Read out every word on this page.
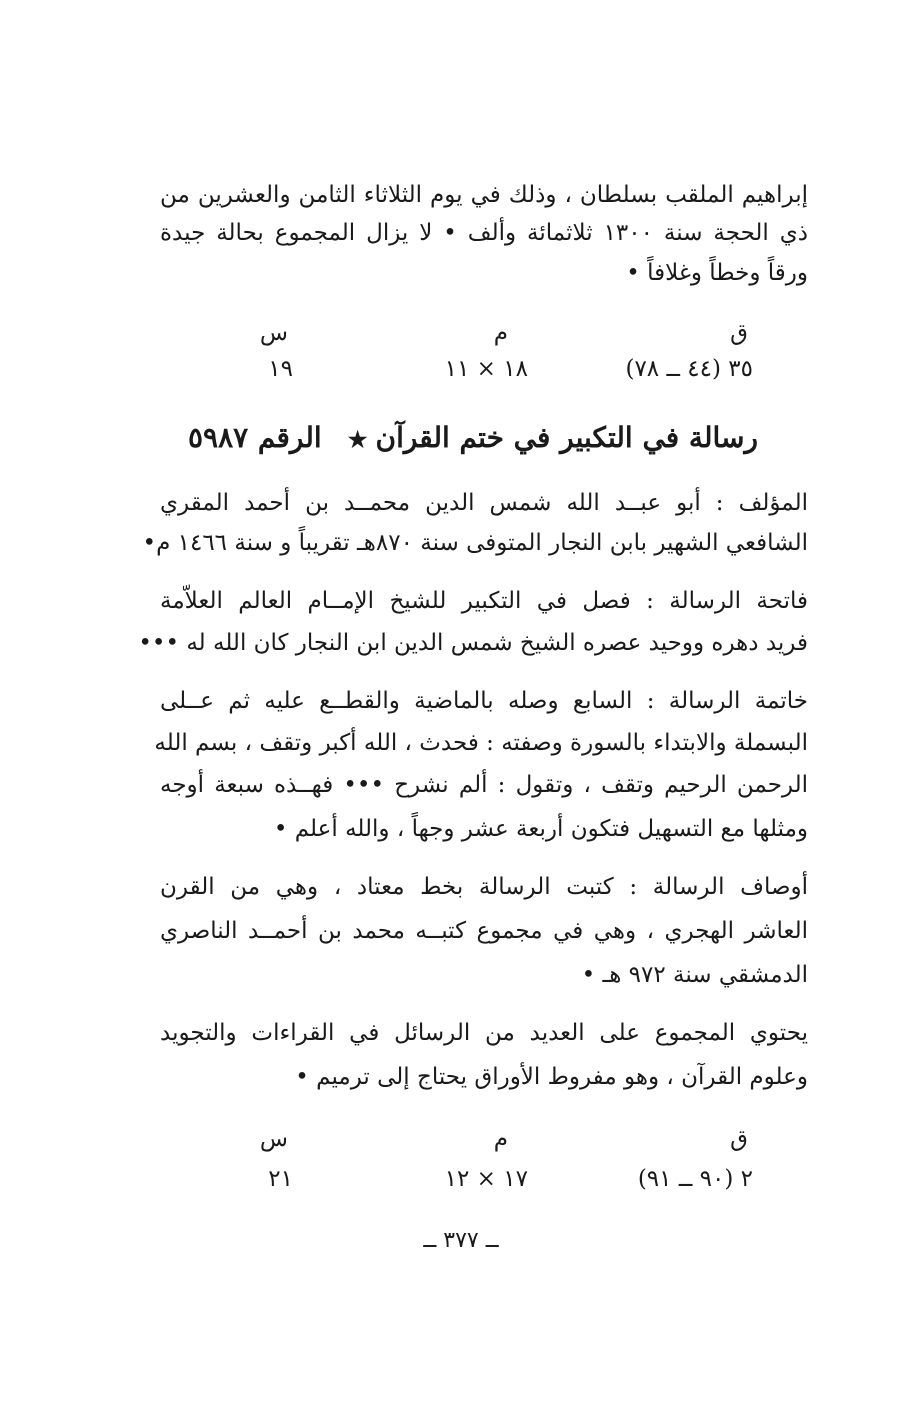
إبراهيم الملقب بسلطان ، وذلك في يوم الثلاثاء الثامن والعشرين من
ذي الحجة سنة ١٣٠٠ ثلاثمائة وألف • لا يزال المجموع بحالة جيدة
ورقاً وخطاً وغلافاً •
ق
م
س
٣٥ (٤٤ ــ ٧٨)
١٨ × ١١
١٩
رسالة في التكبير في ختم القرآن★
الرقم ٥٩٨٧
المؤلف : أبو عبــد الله شمس الدين محمــد بن أحمد المقري
الشافعي الشهير بابن النجار المتوفى سنة ٨٧٠هـ تقريباً و سنة ١٤٦٦ م•
فاتحة الرسالة : فصل في التكبير للشيخ الإمــام العالم العلاّمة
فريد دهره ووحيد عصره الشيخ شمس الدين ابن النجار كان الله له •••
خاتمة الرسالة : السابع وصله بالماضية والقطــع عليه ثم عــلى
البسملة والابتداء بالسورة وصفته : فحدث ، الله أكبر وتقف ، بسم الله
الرحمن الرحيم وتقف ، وتقول : ألم نشرح ••• فهــذه سبعة أوجه
ومثلها مع التسهيل فتكون أربعة عشر وجهاً ، والله أعلم •
أوصاف الرسالة : كتبت الرسالة بخط معتاد ، وهي من القرن
العاشر الهجري ، وهي في مجموع كتبــه محمد بن أحمــد الناصري
الدمشقي سنة ٩٧٢ هـ •
يحتوي المجموع على العديد من الرسائل في القراءات والتجويد
وعلوم القرآن ، وهو مفروط الأوراق يحتاج إلى ترميم •
ق
م
س
٢ (٩٠ ــ ٩١)
١٧ × ١٢
٢١
ــ ٣٧٧ ــ
